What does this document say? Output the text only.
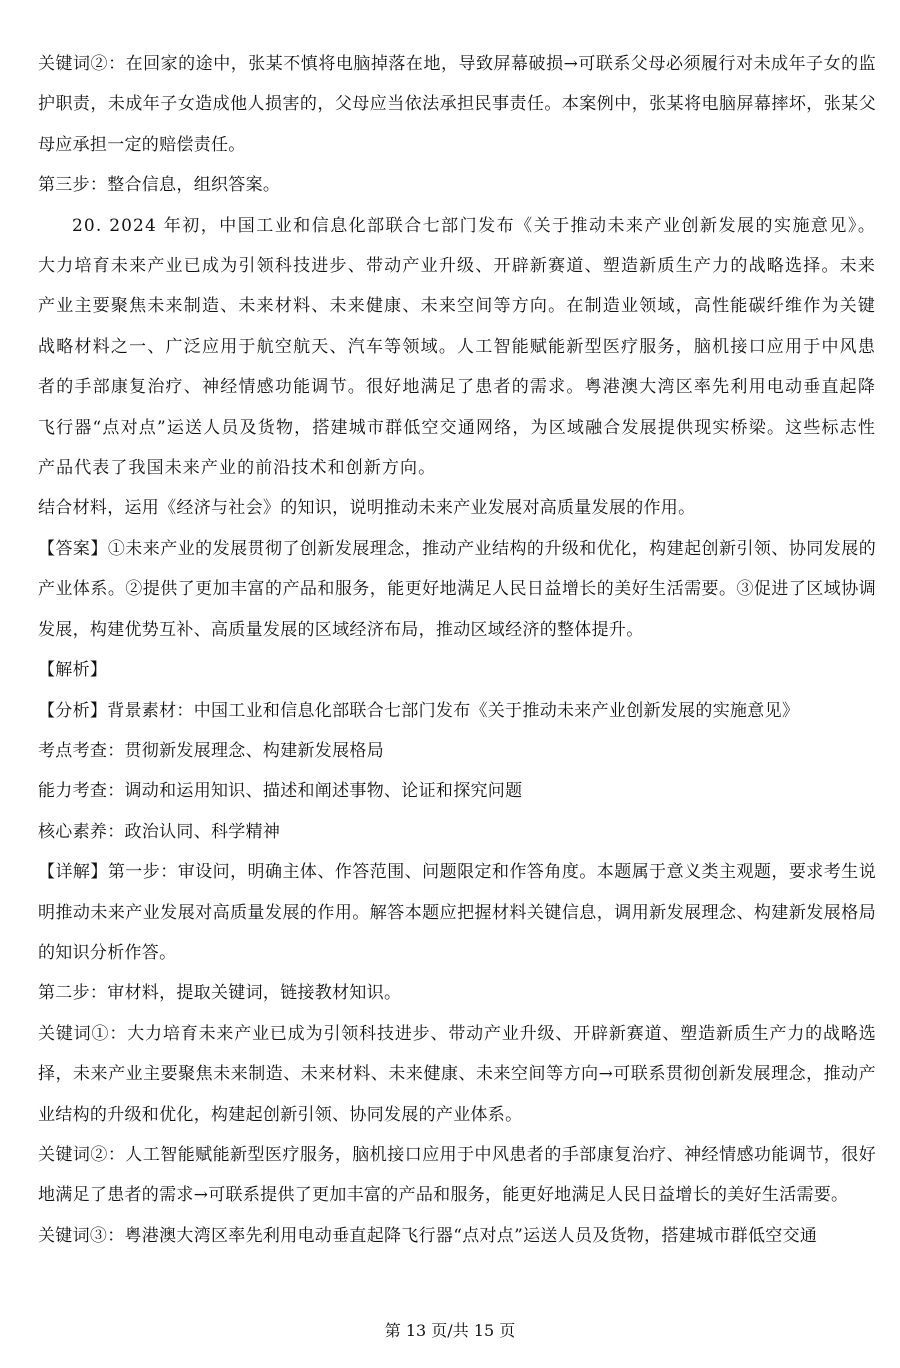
关键词②：在回家的途中，张某不慎将电脑掉落在地，导致屏幕破损→可联系父母必须履行对未成年子女的监护职责，未成年子女造成他人损害的，父母应当依法承担民事责任。本案例中，张某将电脑屏幕摔坏，张某父母应承担一定的赔偿责任。

第三步：整合信息，组织答案。

20. 2024 年初，中国工业和信息化部联合七部门发布《关于推动未来产业创新发展的实施意见》。大力培育未来产业已成为引领科技进步、带动产业升级、开辟新赛道、塑造新质生产力的战略选择。未来产业主要聚焦未来制造、未来材料、未来健康、未来空间等方向。在制造业领域，高性能碳纤维作为关键战略材料之一、广泛应用于航空航天、汽车等领域。人工智能赋能新型医疗服务，脑机接口应用于中风患者的手部康复治疗、神经情感功能调节。很好地满足了患者的需求。粤港澳大湾区率先利用电动垂直起降飞行器“点对点”运送人员及货物，搭建城市群低空交通网络，为区域融合发展提供现实桥梁。这些标志性产品代表了我国未来产业的前沿技术和创新方向。

结合材料，运用《经济与社会》的知识，说明推动未来产业发展对高质量发展的作用。

【答案】①未来产业的发展贯彻了创新发展理念，推动产业结构的升级和优化，构建起创新引领、协同发展的产业体系。②提供了更加丰富的产品和服务，能更好地满足人民日益增长的美好生活需要。③促进了区域协调发展，构建优势互补、高质量发展的区域经济布局，推动区域经济的整体提升。

【解析】

【分析】背景素材：中国工业和信息化部联合七部门发布《关于推动未来产业创新发展的实施意见》

考点考查：贯彻新发展理念、构建新发展格局

能力考查：调动和运用知识、描述和阐述事物、论证和探究问题

核心素养：政治认同、科学精神

【详解】第一步：审设问，明确主体、作答范围、问题限定和作答角度。本题属于意义类主观题，要求考生说明推动未来产业发展对高质量发展的作用。解答本题应把握材料关键信息，调用新发展理念、构建新发展格局的知识分析作答。

第二步：审材料，提取关键词，链接教材知识。

关键词①：大力培育未来产业已成为引领科技进步、带动产业升级、开辟新赛道、塑造新质生产力的战略选择，未来产业主要聚焦未来制造、未来材料、未来健康、未来空间等方向→可联系贯彻创新发展理念，推动产业结构的升级和优化，构建起创新引领、协同发展的产业体系。

关键词②：人工智能赋能新型医疗服务，脑机接口应用于中风患者的手部康复治疗、神经情感功能调节，很好地满足了患者的需求→可联系提供了更加丰富的产品和服务，能更好地满足人民日益增长的美好生活需要。

关键词③：粤港澳大湾区率先利用电动垂直起降飞行器“点对点”运送人员及货物，搭建城市群低空交通

第 13 页/共 15 页
